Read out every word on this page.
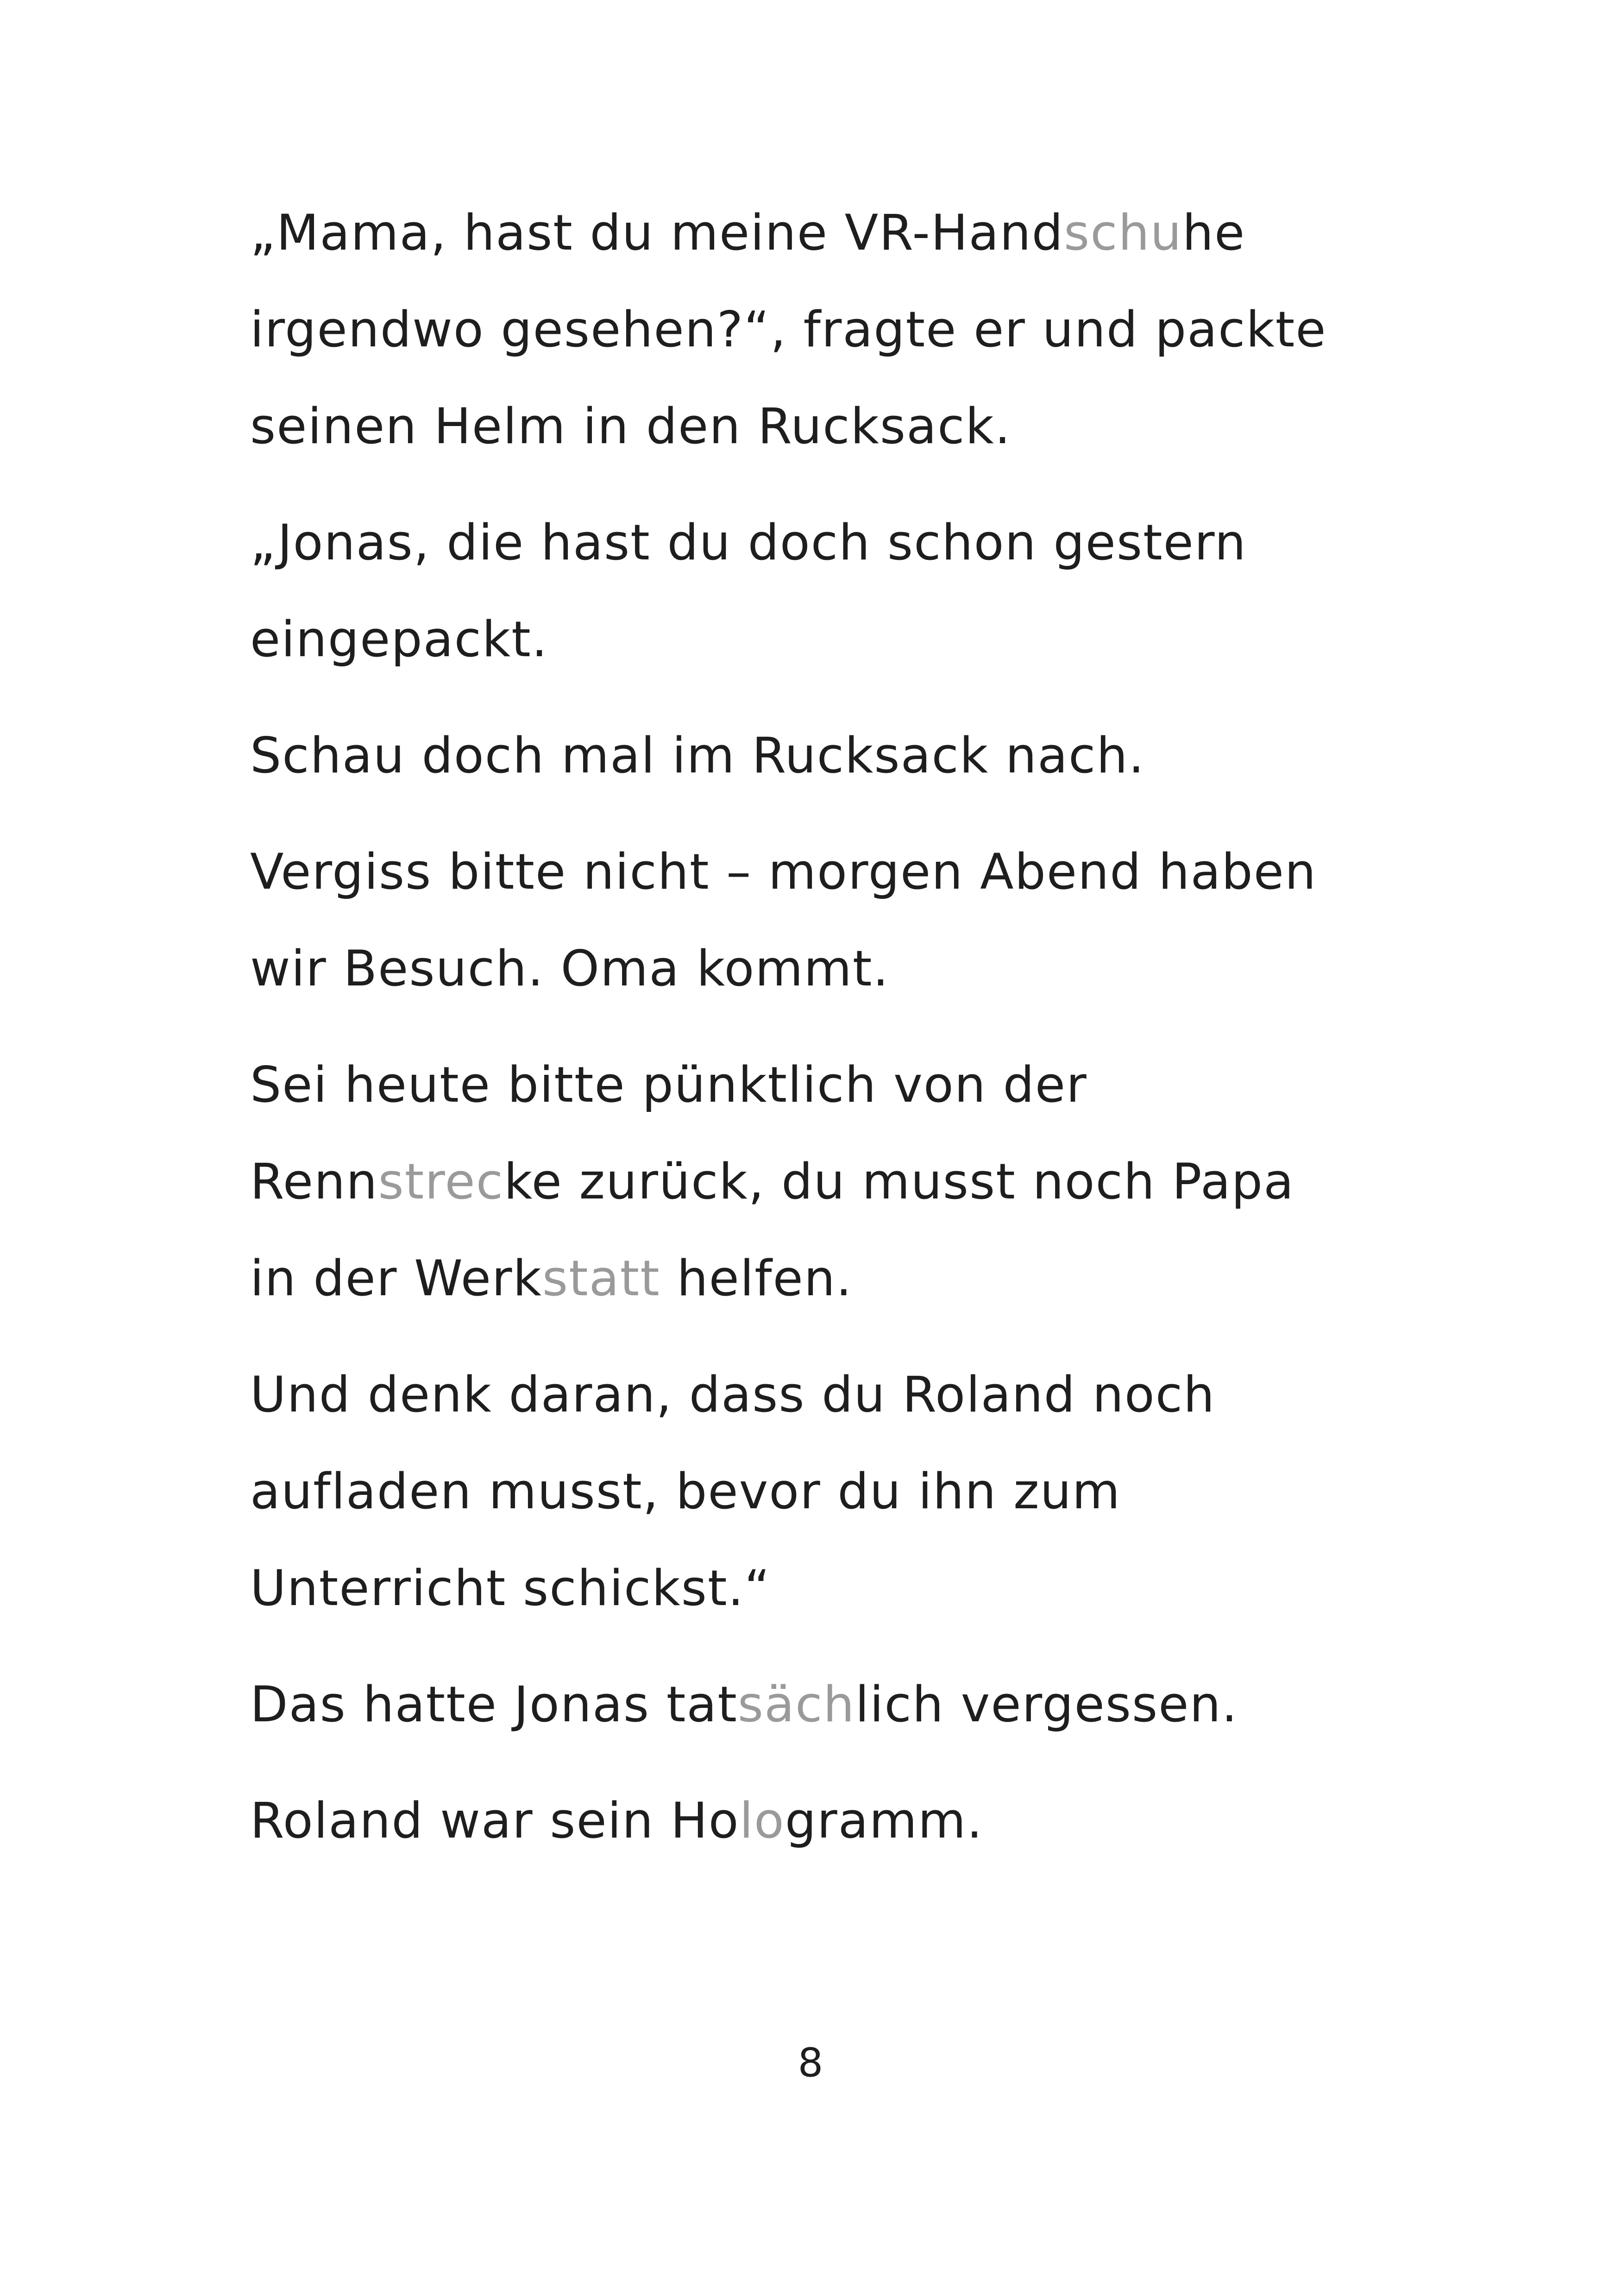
„Mama, hast du meine VR-Handschuhe
irgendwo gesehen?“, fragte er und packte
seinen Helm in den Rucksack.
„Jonas, die hast du doch schon gestern
eingepackt.
Schau doch mal im Rucksack nach.
Vergiss bitte nicht – morgen Abend haben
wir Besuch. Oma kommt.
Sei heute bitte pünktlich von der
Rennstrecke zurück, du musst noch Papa
in der Werkstatt helfen.
Und denk daran, dass du Roland noch
aufladen musst, bevor du ihn zum
Unterricht schickst.“
Das hatte Jonas tatsächlich vergessen.
Roland war sein Hologramm.
8
